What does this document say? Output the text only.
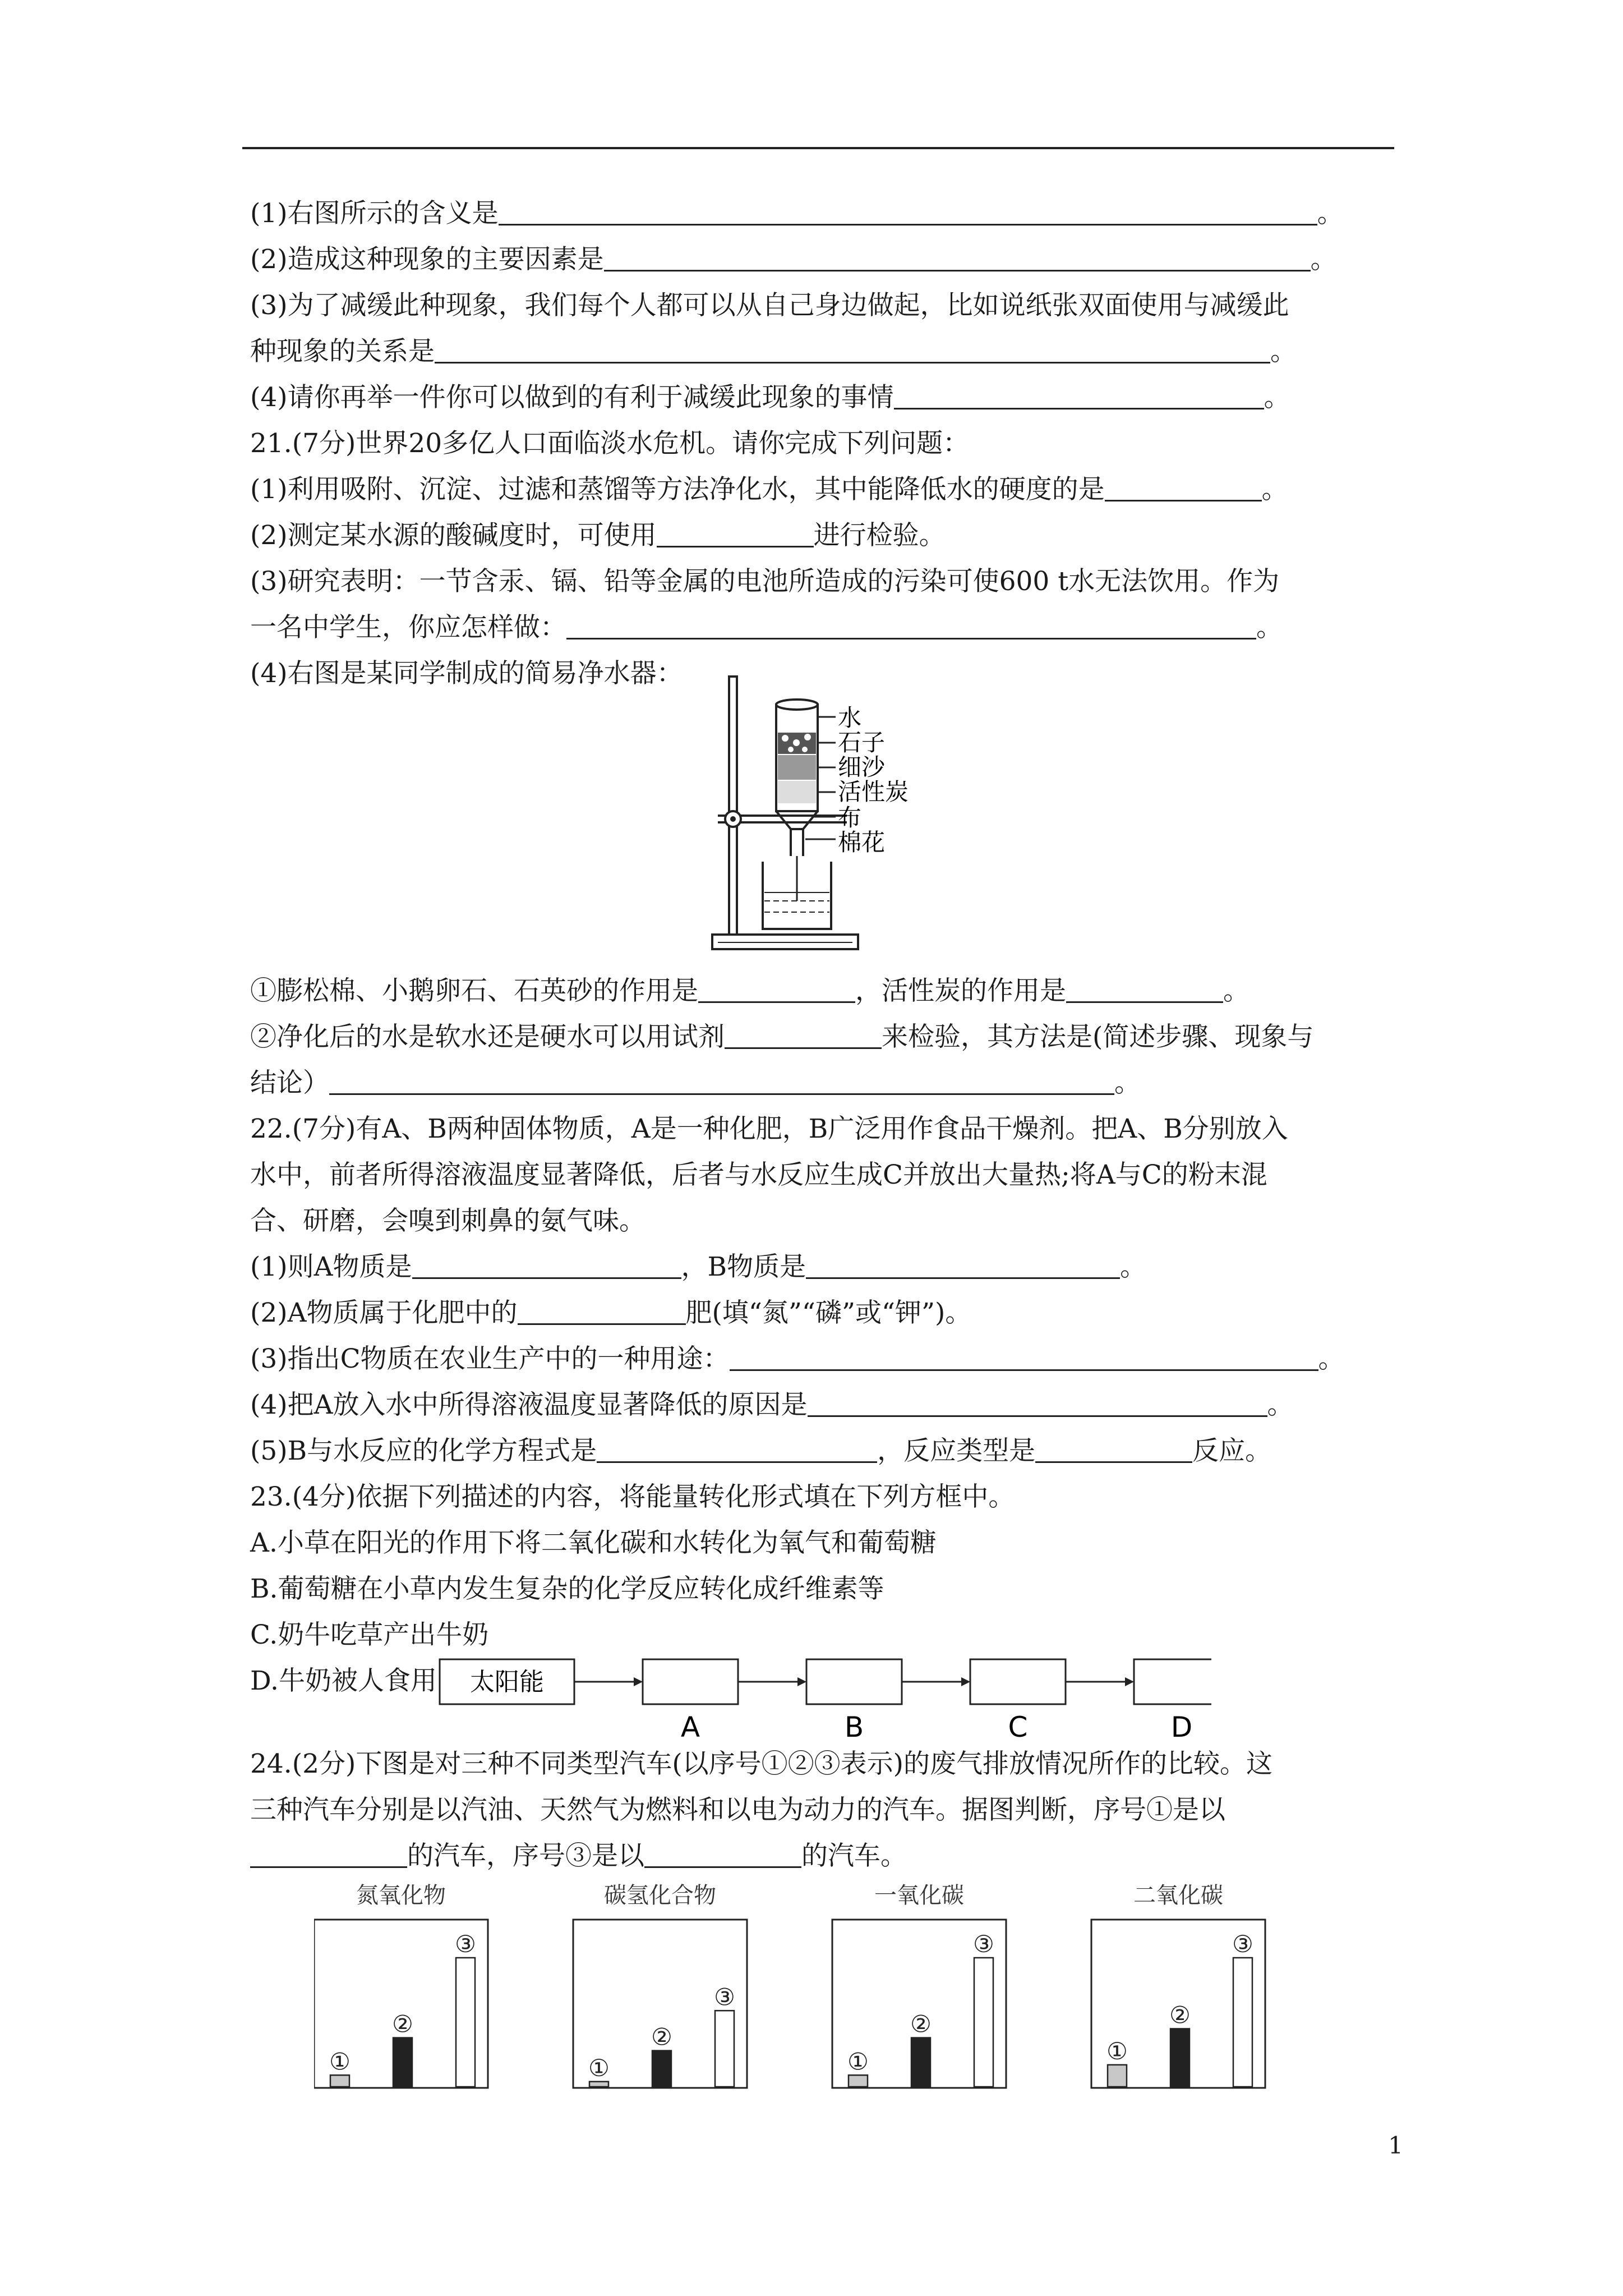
(1)右图所示的含义是	。
(2)造成这种现象的主要因素是	。
(3)为了减缓此种现象，我们每个人都可以从自己身边做起，比如说纸张双面使用与减缓此
种现象的关系是	。
(4)请你再举一件你可以做到的有利于减缓此现象的事情	。
21.(7分)世界20多亿人口面临淡水危机。请你完成下列问题：
(1)利用吸附、沉淀、过滤和蒸馏等方法净化水，其中能降低水的硬度的是	。
(2)测定某水源的酸碱度时，可使用	进行检验。
(3)研究表明：一节含汞、镉、铅等金属的电池所造成的污染可使600 t水无法饮用。作为
一名中学生，你应怎样做：	。
(4)右图是某同学制成的简易净水器：
水
石子
细沙
活性炭
布
棉花
①膨松棉、小鹅卵石、石英砂的作用是	，活性炭的作用是	。
②净化后的水是软水还是硬水可以用试剂	来检验，其方法是(简述步骤、现象与
结论）	。
22.(7分)有A、B两种固体物质，A是一种化肥，B广泛用作食品干燥剂。把A、B分别放入
水中，前者所得溶液温度显著降低，后者与水反应生成C并放出大量热;将A与C的粉末混
合、研磨，会嗅到刺鼻的氨气味。
(1)则A物质是	，B物质是	。
(2)A物质属于化肥中的	肥(填“氮”“磷”或“钾”)。
(3)指出C物质在农业生产中的一种用途：	。
(4)把A放入水中所得溶液温度显著降低的原因是	。
(5)B与水反应的化学方程式是	，反应类型是	反应。
23.(4分)依据下列描述的内容，将能量转化形式填在下列方框中。
A.小草在阳光的作用下将二氧化碳和水转化为氧气和葡萄糖
B.葡萄糖在小草内发生复杂的化学反应转化成纤维素等
C.奶牛吃草产出牛奶
D.牛奶被人食用	太阳能
A	B	C	D
24.(2分)下图是对三种不同类型汽车(以序号①②③表示)的废气排放情况所作的比较。这
三种汽车分别是以汽油、天然气为燃料和以电为动力的汽车。据图判断，序号①是以
的汽车，序号③是以	的汽车。
氮氧化物
①
②
③
碳氢化合物
①
②
③
一氧化碳
①
②
③
二氧化碳
①
②
③
1
